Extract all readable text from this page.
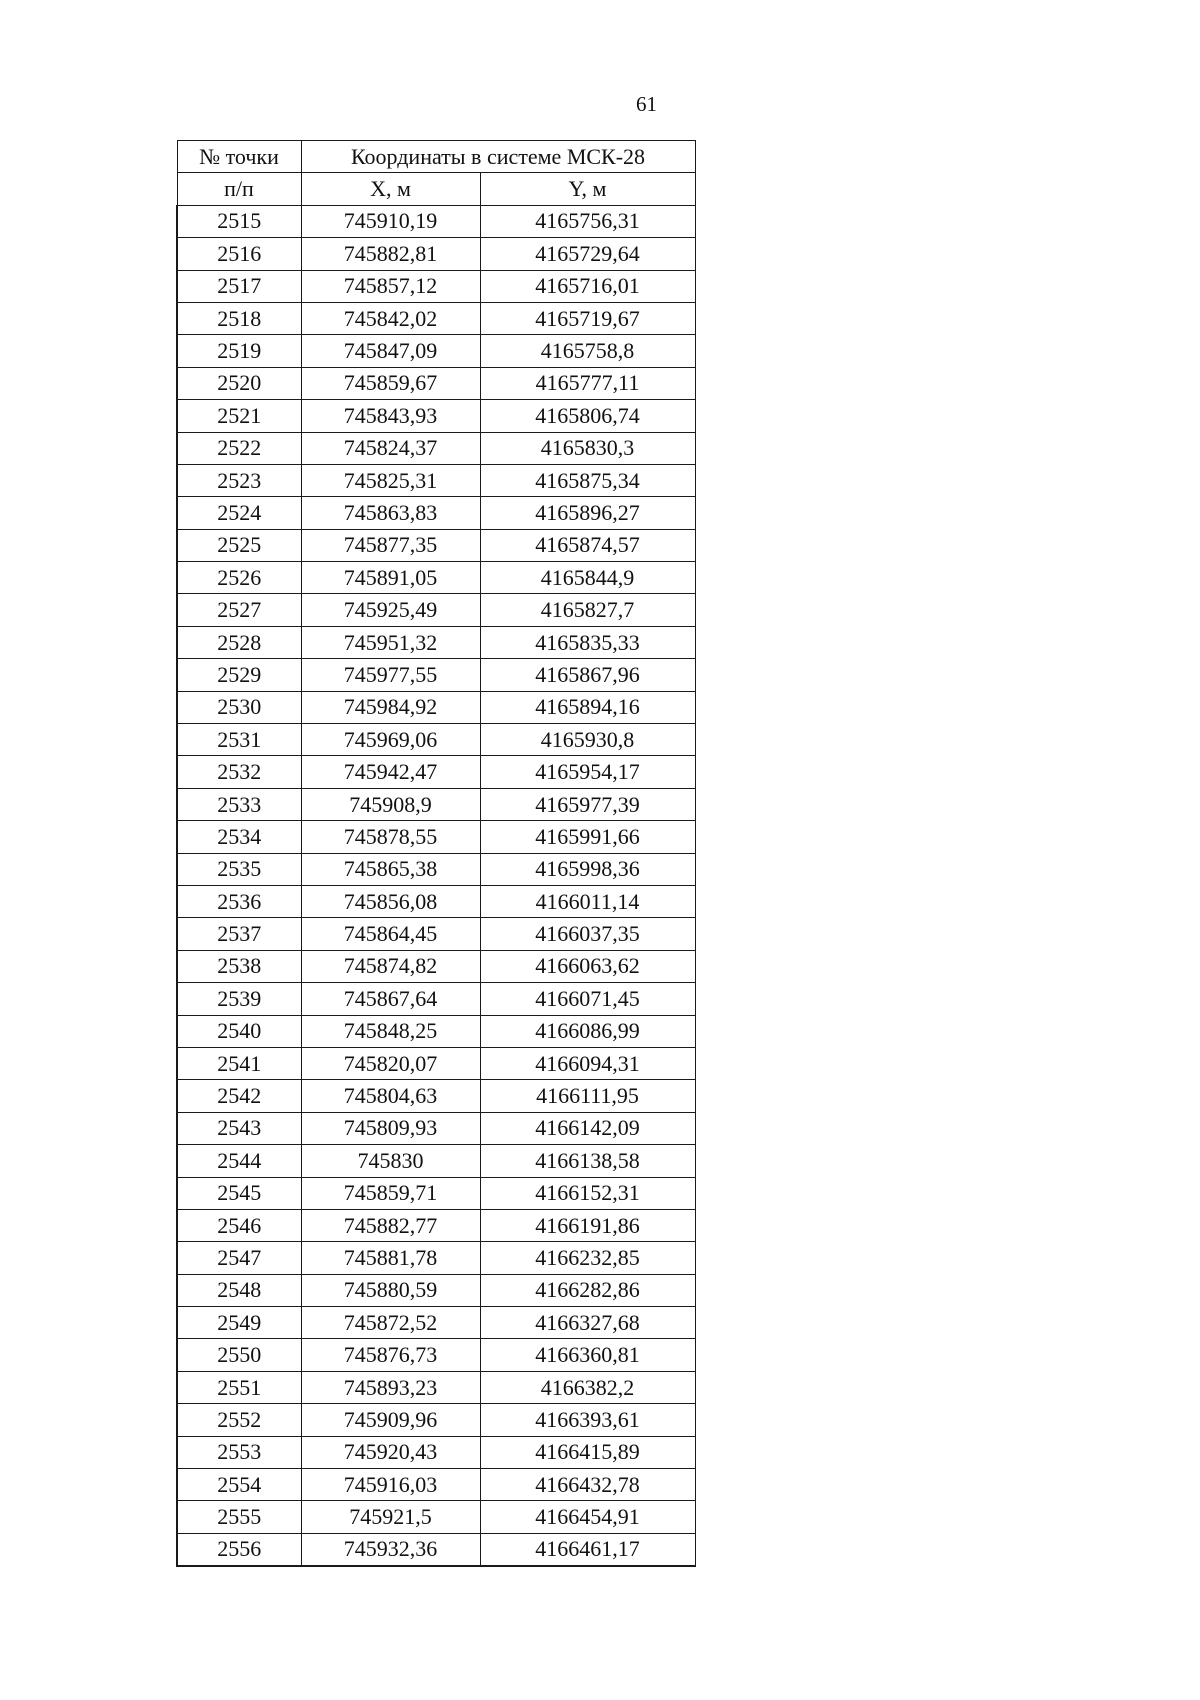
61
№ точки	Координаты в системе МСК-28	
п/п	X, м	Y, м
2515	745910,19	4165756,31
2516	745882,81	4165729,64
2517	745857,12	4165716,01
2518	745842,02	4165719,67
2519	745847,09	4165758,8
2520	745859,67	4165777,11
2521	745843,93	4165806,74
2522	745824,37	4165830,3
2523	745825,31	4165875,34
2524	745863,83	4165896,27
2525	745877,35	4165874,57
2526	745891,05	4165844,9
2527	745925,49	4165827,7
2528	745951,32	4165835,33
2529	745977,55	4165867,96
2530	745984,92	4165894,16
2531	745969,06	4165930,8
2532	745942,47	4165954,17
2533	745908,9	4165977,39
2534	745878,55	4165991,66
2535	745865,38	4165998,36
2536	745856,08	4166011,14
2537	745864,45	4166037,35
2538	745874,82	4166063,62
2539	745867,64	4166071,45
2540	745848,25	4166086,99
2541	745820,07	4166094,31
2542	745804,63	4166111,95
2543	745809,93	4166142,09
2544	745830	4166138,58
2545	745859,71	4166152,31
2546	745882,77	4166191,86
2547	745881,78	4166232,85
2548	745880,59	4166282,86
2549	745872,52	4166327,68
2550	745876,73	4166360,81
2551	745893,23	4166382,2
2552	745909,96	4166393,61
2553	745920,43	4166415,89
2554	745916,03	4166432,78
2555	745921,5	4166454,91
2556	745932,36	4166461,17
